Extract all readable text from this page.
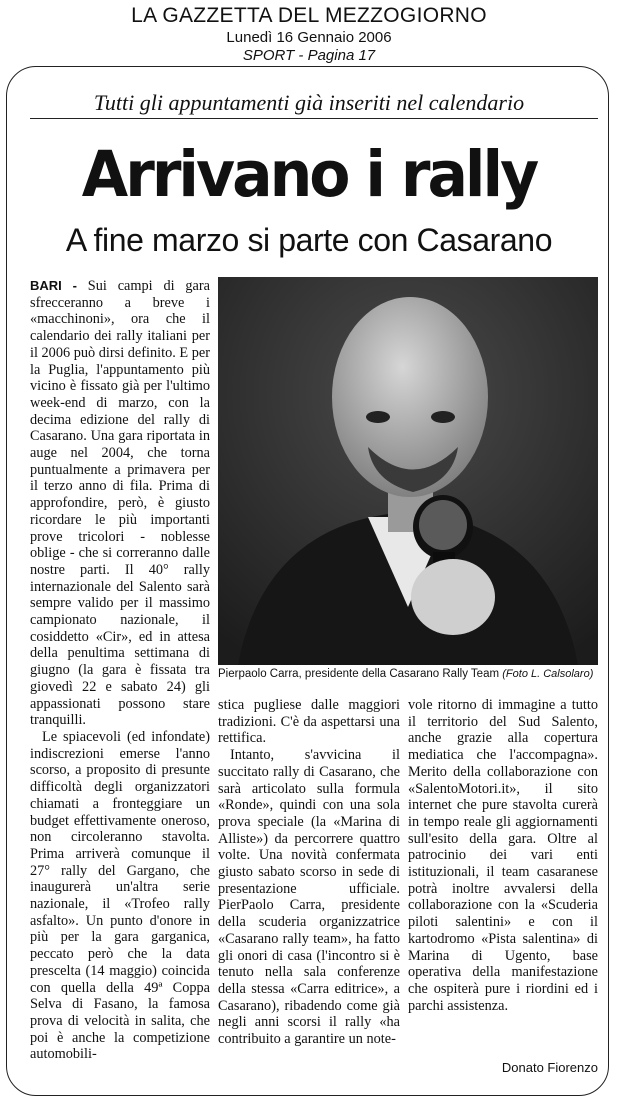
LA GAZZETTA DEL MEZZOGIORNO
Lunedì 16 Gennaio 2006
SPORT - Pagina 17
Tutti gli appuntamenti già inseriti nel calendario
Arrivano i rally
A fine marzo si parte con Casarano

BARI - Sui campi di gara sfrecceranno a breve i «macchinoni», ora che il calendario dei rally italiani per il 2006 può dirsi definito. E per la Puglia, l'appuntamento più vicino è fissato già per l'ultimo week-end di marzo, con la decima edizione del rally di Casarano. Una gara riportata in auge nel 2004, che torna puntualmente a primavera per il terzo anno di fila. Prima di approfondire, però, è giusto ricordare le più importanti prove tricolori - noblesse oblige - che si correranno dalle nostre parti. Il 40° rally internazionale del Salento sarà sempre valido per il massimo campionato nazionale, il cosiddetto «Cir», ed in attesa della penultima settimana di giugno (la gara è fissata tra giovedì 22 e sabato 24) gli appassionati possono stare tranquilli.

Le spiacevoli (ed infondate) indiscrezioni emerse l'anno scorso, a proposito di presunte difficoltà degli organizzatori chiamati a fronteggiare un budget effettivamente oneroso, non circoleranno stavolta. Prima arriverà comunque il 27° rally del Gargano, che inaugurerà un'altra serie nazionale, il «Trofeo rally asfalto». Un punto d'onore in più per la gara garganica, peccato però che la data prescelta (14 maggio) coincida con quella della 49ª Coppa Selva di Fasano, la famosa prova di velocità in salita, che poi è anche la competizione automobili-

Pierpaolo Carra, presidente della Casarano Rally Team (Foto L. Calsolaro)

stica pugliese dalle maggiori tradizioni. C'è da aspettarsi una rettifica.

Intanto, s'avvicina il succitato rally di Casarano, che sarà articolato sulla formula «Ronde», quindi con una sola prova speciale (la «Marina di Alliste») da percorrere quattro volte. Una novità confermata giusto sabato scorso in sede di presentazione ufficiale. PierPaolo Carra, presidente della scuderia organizzatrice «Casarano rally team», ha fatto gli onori di casa (l'incontro si è tenuto nella sala conferenze della stessa «Carra editrice», a Casarano), ribadendo come già negli anni scorsi il rally «ha contribuito a garantire un note-

vole ritorno di immagine a tutto il territorio del Sud Salento, anche grazie alla copertura mediatica che l'accompagna». Merito della collaborazione con «SalentoMotori.it», il sito internet che pure stavolta curerà in tempo reale gli aggiornamenti sull'esito della gara. Oltre al patrocinio dei vari enti istituzionali, il team casaranese potrà inoltre avvalersi della collaborazione con la «Scuderia piloti salentini» e con il kartodromo «Pista salentina» di Marina di Ugento, base operativa della manifestazione che ospiterà pure i riordini ed i parchi assistenza.

Donato Fiorenzo
